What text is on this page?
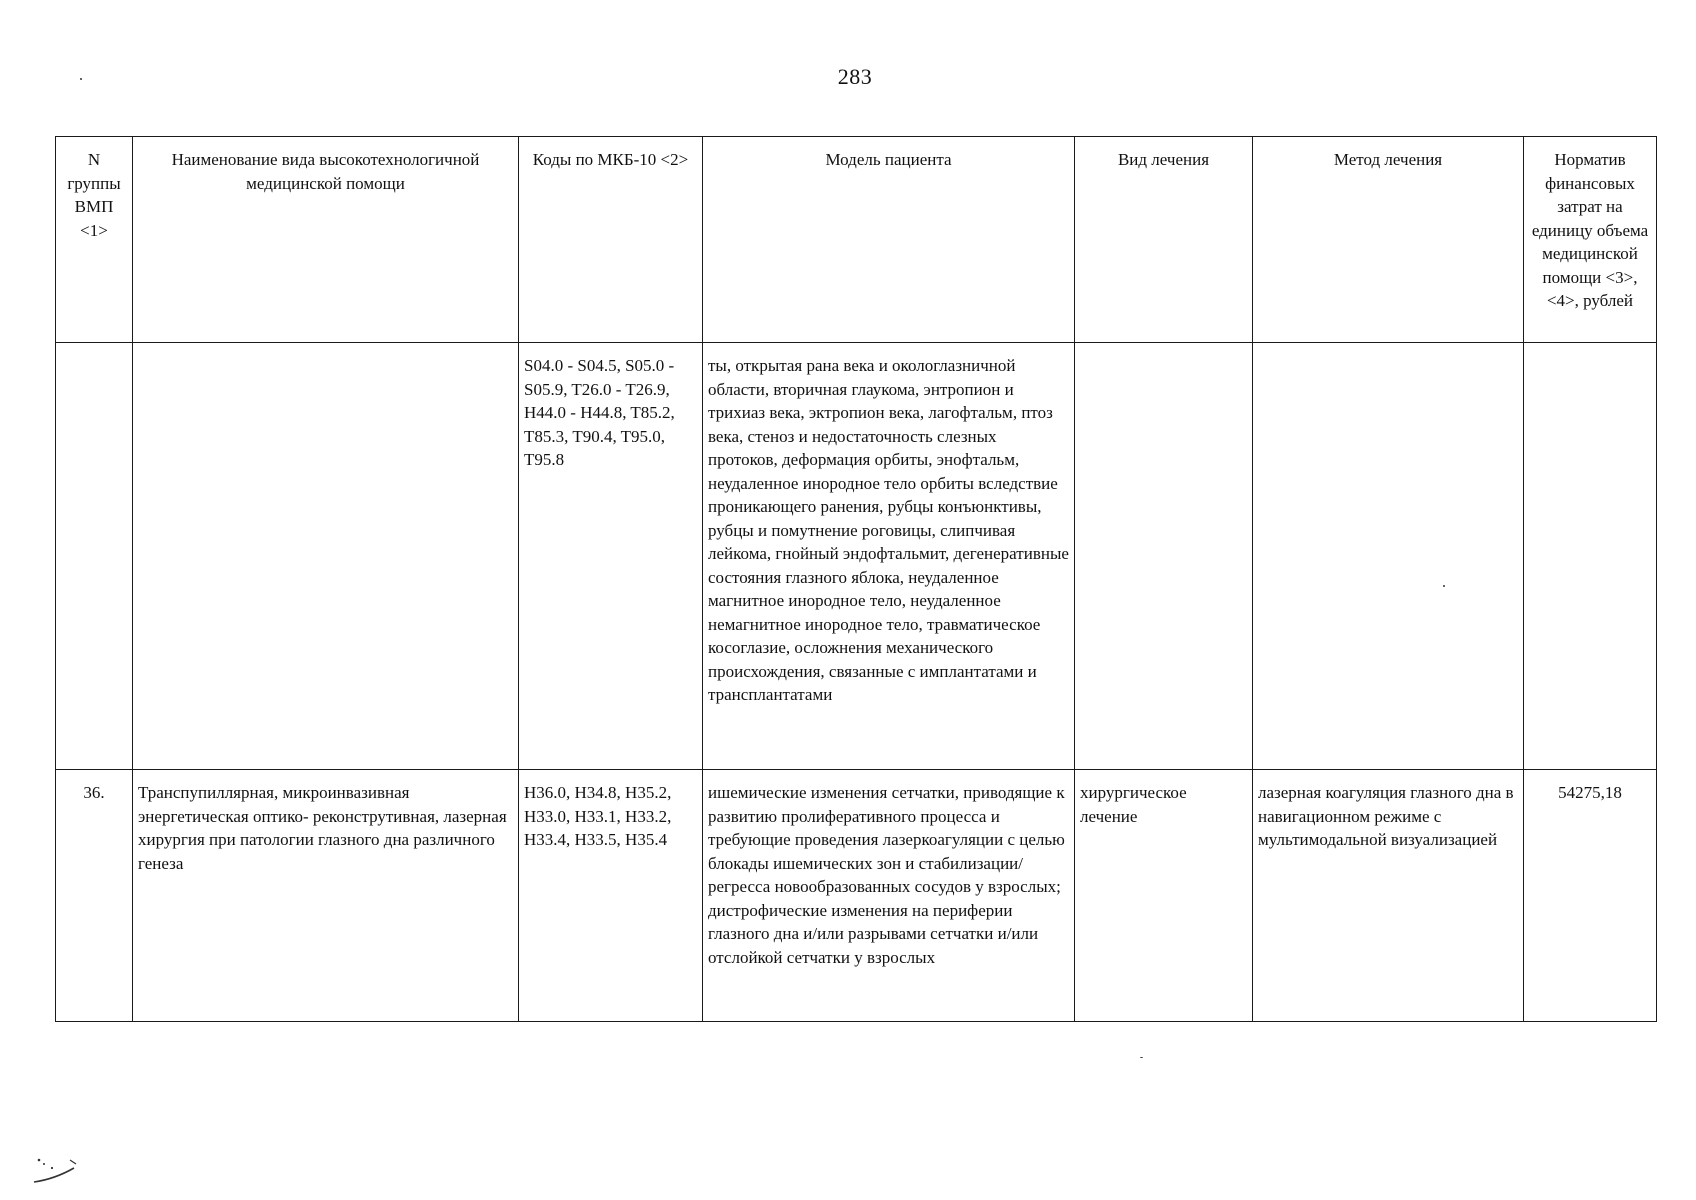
283
N группы ВМП <1>	Наименование вида высокотехнологичной медицинской помощи	Коды по МКБ-10 <2>	Модель пациента	Вид лечения	Метод лечения	Норматив финансовых затрат на единицу объема медицинской помощи <3>, <4>, рублей
		S04.0 - S04.5, S05.0 - S05.9, T26.0 - T26.9, H44.0 - H44.8, T85.2, T85.3, T90.4, T95.0, T95.8	ты, открытая рана века и окологлазничной области, вторичная глаукома, энтропион и трихиаз века, эктропион века, лагофтальм, птоз века, стеноз и недостаточность слезных протоков, деформация орбиты, энофтальм, неудаленное инородное тело орбиты вследствие проникающего ранения, рубцы конъюнктивы, рубцы и помутнение роговицы, слипчивая лейкома, гнойный эндофтальмит, дегенеративные состояния глазного яблока, неудаленное магнитное инородное тело, неудаленное немагнитное инородное тело, травматическое косоглазие, осложнения механического происхождения, связанные с имплантатами и трансплантатами			
36.	Транспупиллярная, микроинвазивная энергетическая оптико- реконструтивная, лазерная хирургия при патологии глазного дна различного генеза	H36.0, H34.8, H35.2, H33.0, H33.1, H33.2, H33.4, H33.5, H35.4	ишемические изменения сетчатки, приводящие к развитию пролиферативного процесса и требующие проведения лазеркоагуляции с целью блокады ишемических зон и стабилизации/ регресса новообразованных сосудов у взрослых; дистрофические изменения на периферии глазного дна и/или разрывами сетчатки и/или отслойкой сетчатки у взрослых	хирургическое лечение	лазерная коагуляция глазного дна в навигационном режиме с мультимодальной визуализацией	54275,18
